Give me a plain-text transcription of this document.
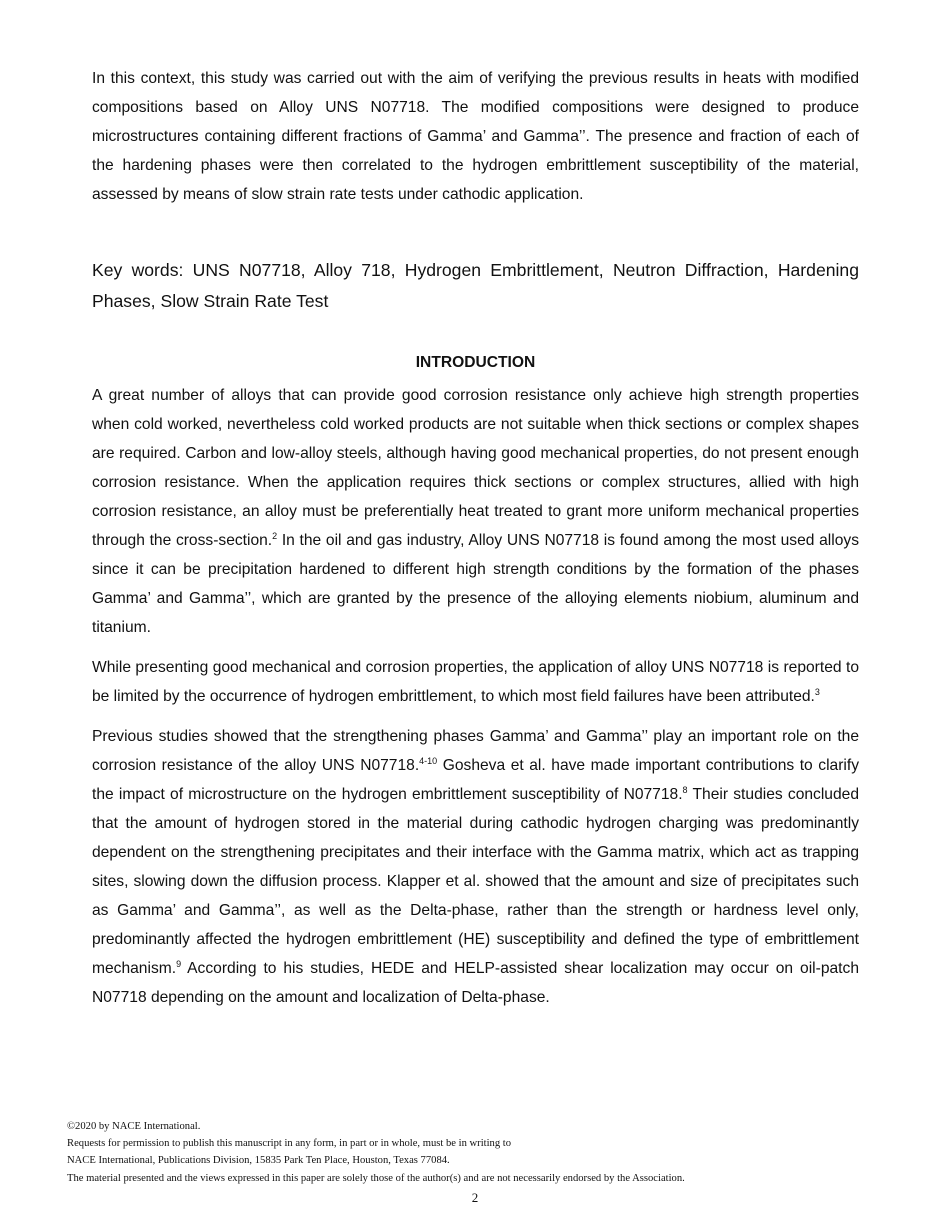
In this context, this study was carried out with the aim of verifying the previous results in heats with modified compositions based on Alloy UNS N07718. The modified compositions were designed to produce microstructures containing different fractions of Gamma’ and Gamma’’. The presence and fraction of each of the hardening phases were then correlated to the hydrogen embrittlement susceptibility of the material, assessed by means of slow strain rate tests under cathodic application.

Key words: UNS N07718, Alloy 718, Hydrogen Embrittlement, Neutron Diffraction, Hardening Phases, Slow Strain Rate Test

INTRODUCTION

A great number of alloys that can provide good corrosion resistance only achieve high strength properties when cold worked, nevertheless cold worked products are not suitable when thick sections or complex shapes are required. Carbon and low-alloy steels, although having good mechanical properties, do not present enough corrosion resistance. When the application requires thick sections or complex structures, allied with high corrosion resistance, an alloy must be preferentially heat treated to grant more uniform mechanical properties through the cross-section.$^2$ In the oil and gas industry, Alloy UNS N07718 is found among the most used alloys since it can be precipitation hardened to different high strength conditions by the formation of the phases Gamma’ and Gamma’’, which are granted by the presence of the alloying elements niobium, aluminum and titanium.

While presenting good mechanical and corrosion properties, the application of alloy UNS N07718 is reported to be limited by the occurrence of hydrogen embrittlement, to which most field failures have been attributed.$^3$

Previous studies showed that the strengthening phases Gamma’ and Gamma’’ play an important role on the corrosion resistance of the alloy UNS N07718.$^{4-10}$ Gosheva et al. have made important contributions to clarify the impact of microstructure on the hydrogen embrittlement susceptibility of N07718.$^8$ Their studies concluded that the amount of hydrogen stored in the material during cathodic hydrogen charging was predominantly dependent on the strengthening precipitates and their interface with the Gamma matrix, which act as trapping sites, slowing down the diffusion process. Klapper et al. showed that the amount and size of precipitates such as Gamma’ and Gamma’’, as well as the Delta-phase, rather than the strength or hardness level only, predominantly affected the hydrogen embrittlement (HE) susceptibility and defined the type of embrittlement mechanism.$^9$ According to his studies, HEDE and HELP-assisted shear localization may occur on oil-patch N07718 depending on the amount and localization of Delta-phase.

©2020 by NACE International.
Requests for permission to publish this manuscript in any form, in part or in whole, must be in writing to
NACE International, Publications Division, 15835 Park Ten Place, Houston, Texas 77084.
The material presented and the views expressed in this paper are solely those of the author(s) and are not necessarily endorsed by the Association.
2
